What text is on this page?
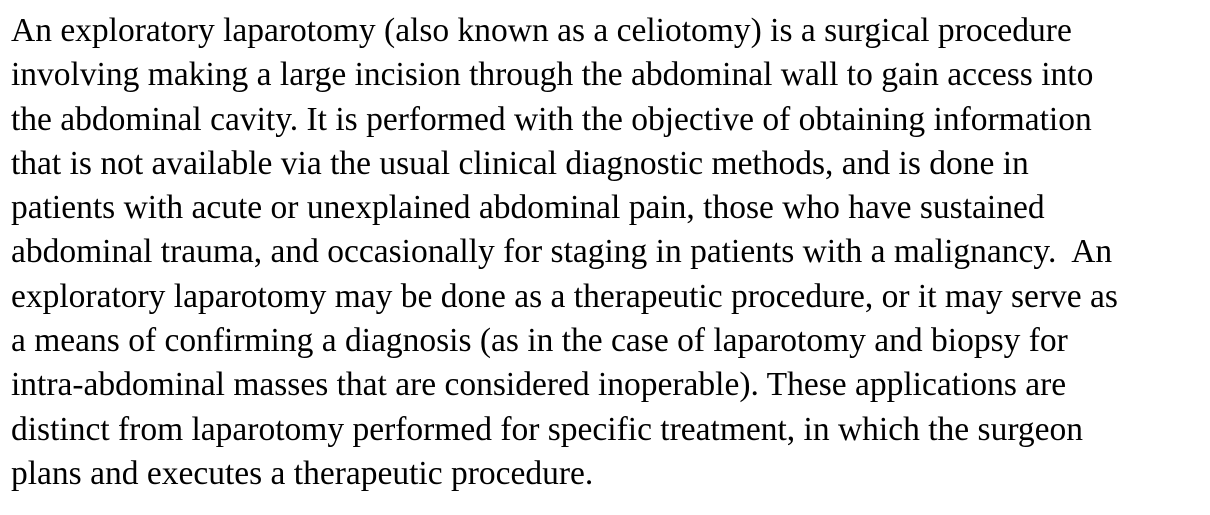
An exploratory laparotomy (also known as a celiotomy) is a surgical procedure
involving making a large incision through the abdominal wall to gain access into
the abdominal cavity. It is performed with the objective of obtaining information
that is not available via the usual clinical diagnostic methods, and is done in
patients with acute or unexplained abdominal pain, those who have sustained
abdominal trauma, and occasionally for staging in patients with a malignancy.  An
exploratory laparotomy may be done as a therapeutic procedure, or it may serve as
a means of confirming a diagnosis (as in the case of laparotomy and biopsy for
intra-abdominal masses that are considered inoperable). These applications are
distinct from laparotomy performed for specific treatment, in which the surgeon
plans and executes a therapeutic procedure.
